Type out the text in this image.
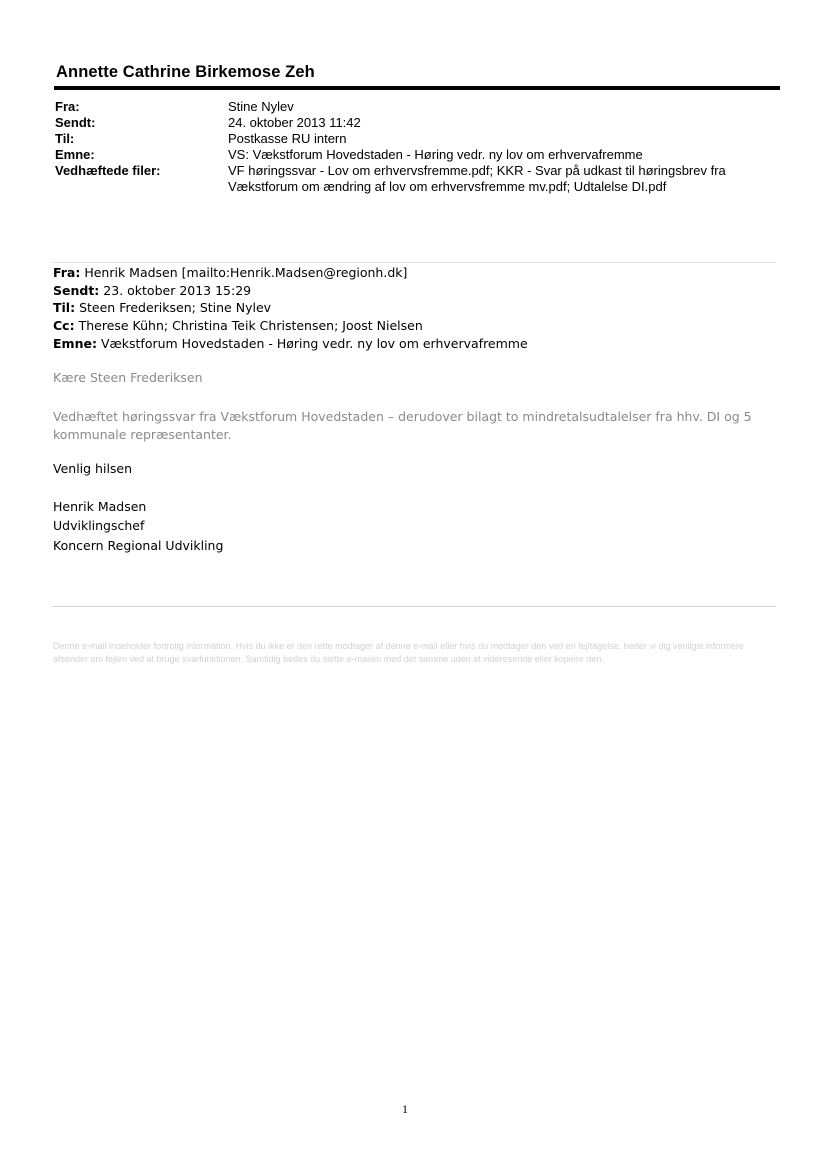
Annette Cathrine Birkemose Zeh
Fra:	Stine Nylev
Sendt:	24. oktober 2013 11:42
Til:	Postkasse RU intern
Emne:	VS: Vækstforum Hovedstaden - Høring vedr. ny lov om erhvervafremme
Vedhæftede filer:	VF høringssvar - Lov om erhvervsfremme.pdf; KKR - Svar på udkast til høringsbrev fra Vækstforum om ændring af lov om erhvervsfremme mv.pdf; Udtalelse DI.pdf
Fra: Henrik Madsen [mailto:Henrik.Madsen@regionh.dk]
Sendt: 23. oktober 2013 15:29
Til: Steen Frederiksen; Stine Nylev
Cc: Therese Kühn; Christina Teik Christensen; Joost Nielsen
Emne: Vækstforum Hovedstaden - Høring vedr. ny lov om erhvervafremme
Kære Steen Frederiksen
Vedhæftet høringssvar fra Vækstforum Hovedstaden – derudover bilagt to mindretalsudtalelser fra hhv. DI og 5 kommunale repræsentanter.
Venlig hilsen
Henrik Madsen
Udviklingschef
Koncern Regional Udvikling
Denne e-mail indeholder fortrolig information. Hvis du ikke er den rette modtager af denne e-mail eller hvis du modtager den ved en fejltagelse, beder vi dig venligst informere afsender om fejlen ved at bruge svarfunktionen. Samtidig bedes du slette e-mailen med det samme uden at videresende eller kopiere den.
1
